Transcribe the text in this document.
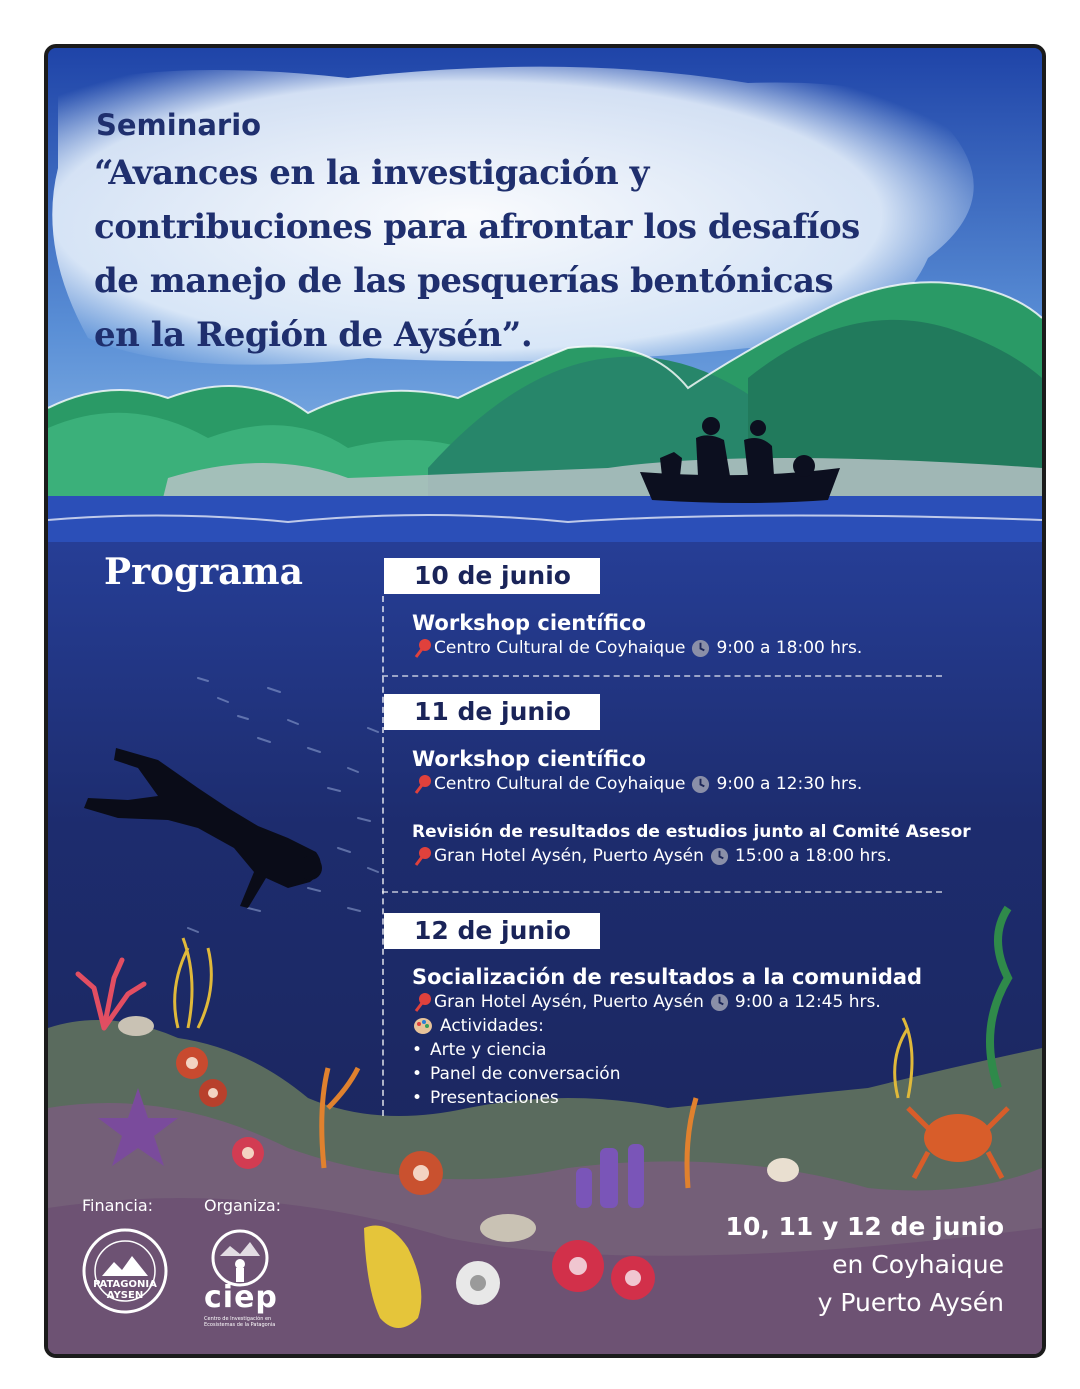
Seminario
“Avances en la investigación y
contribuciones para afrontar los desafíos
de manejo de las pesquerías bentónicas
en la Región de Aysén”.
Programa	10 de junio
Workshop científico
Centro Cultural de Coyhaique 9:00 a 18:00 hrs.
11 de junio
Workshop científico
Centro Cultural de Coyhaique 9:00 a 12:30 hrs.
Revisión de resultados de estudios junto al Comité Asesor
Gran Hotel Aysén, Puerto Aysén 15:00 a 18:00 hrs.
12 de junio
Socialización de resultados a la comunidad
Gran Hotel Aysén, Puerto Aysén 9:00 a 12:45 hrs.
Actividades:
• Arte y ciencia
• Panel de conversación
• Presentaciones
Financia:	Organiza:
PATAGONIA
AYSEN	ciep
Centro de Investigación en Ecosistemas de la Patagonia
10, 11 y 12 de junio
en Coyhaique
y Puerto Aysén
